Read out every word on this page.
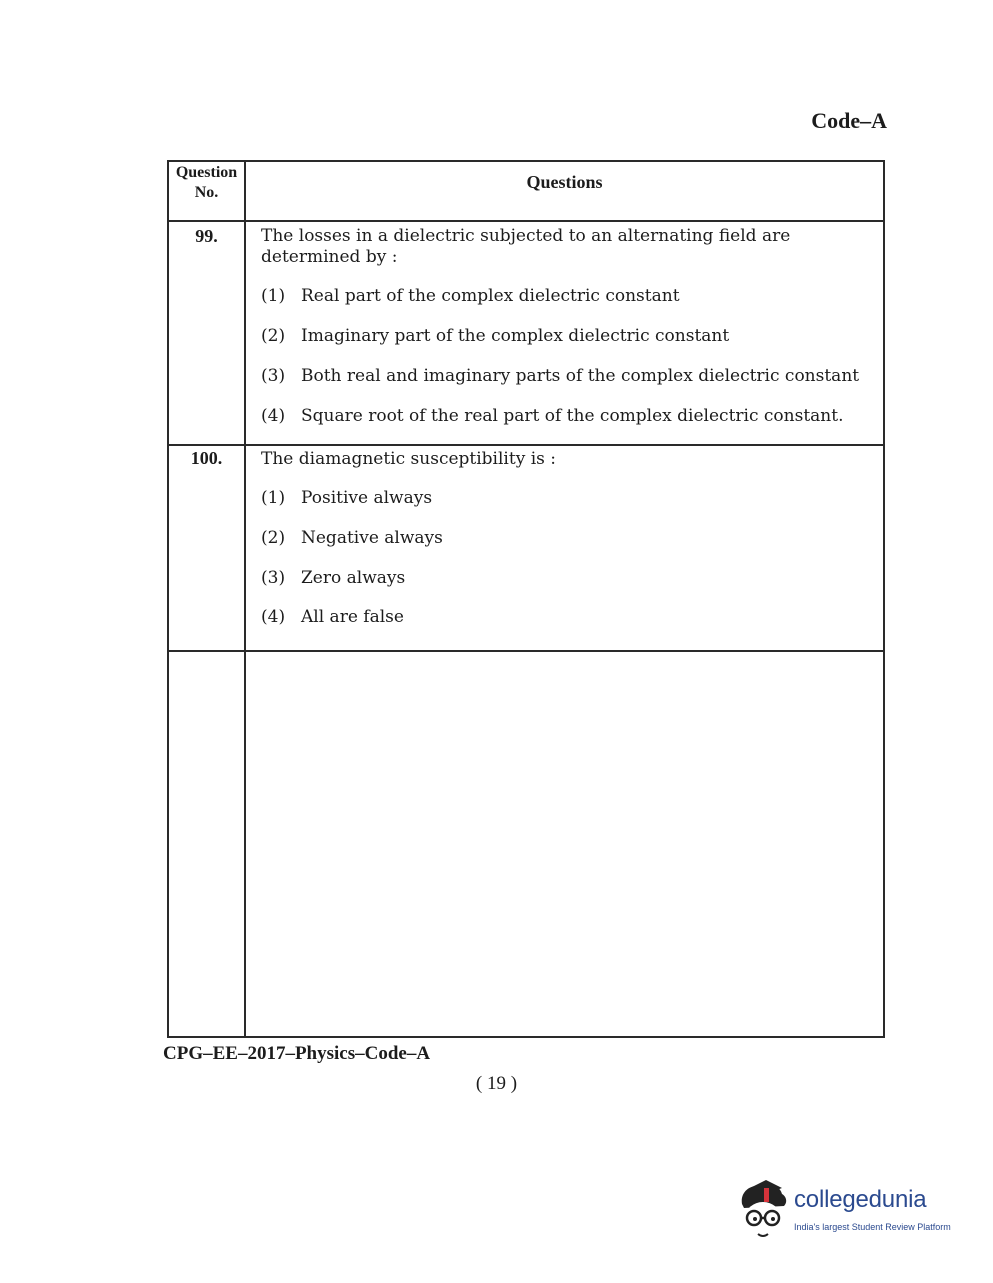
Code–A
Question
No.
Questions
99.	The losses in a dielectric subjected to an alternating field are determined by :
(1) Real part of the complex dielectric constant
(2) Imaginary part of the complex dielectric constant
(3) Both real and imaginary parts of the complex dielectric constant
(4) Square root of the real part of the complex dielectric constant.
100.	The diamagnetic susceptibility is :
(1) Positive always
(2) Negative always
(3) Zero always
(4) All are false
CPG–EE–2017–Physics–Code–A
( 19 )
collegedunia
India's largest Student Review Platform
